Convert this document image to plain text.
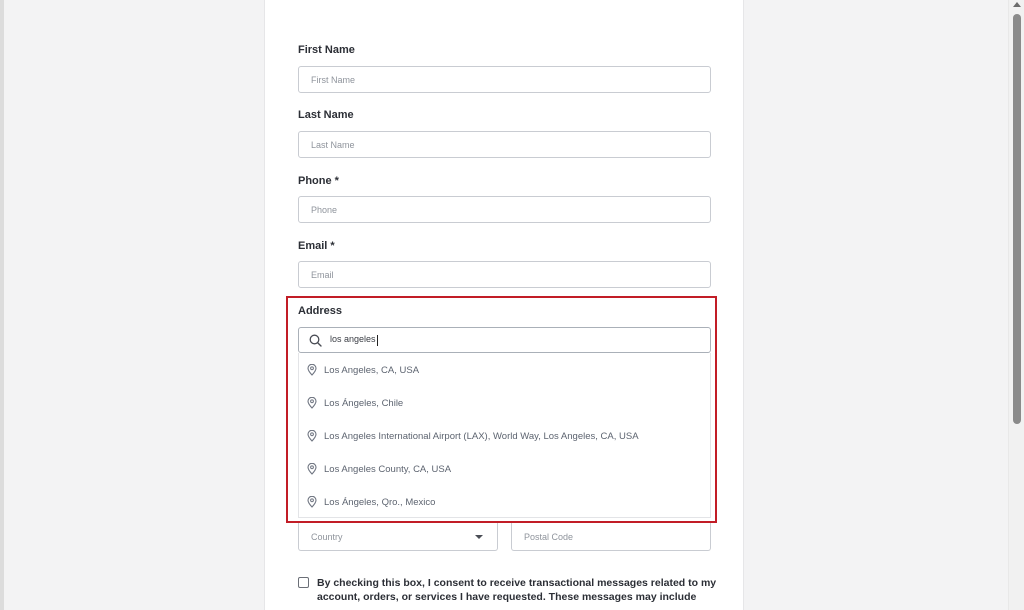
First Name
First Name
Last Name
Last Name
Phone *
Phone
Email *
Email
Address
los angeles
Los Angeles, CA, USA
Los Ángeles, Chile
Los Angeles International Airport (LAX), World Way, Los Angeles, CA, USA
Los Angeles County, CA, USA
Los Ángeles, Qro., Mexico
Country	Postal Code
By checking this box, I consent to receive transactional messages related to my
account, orders, or services I have requested. These messages may include
